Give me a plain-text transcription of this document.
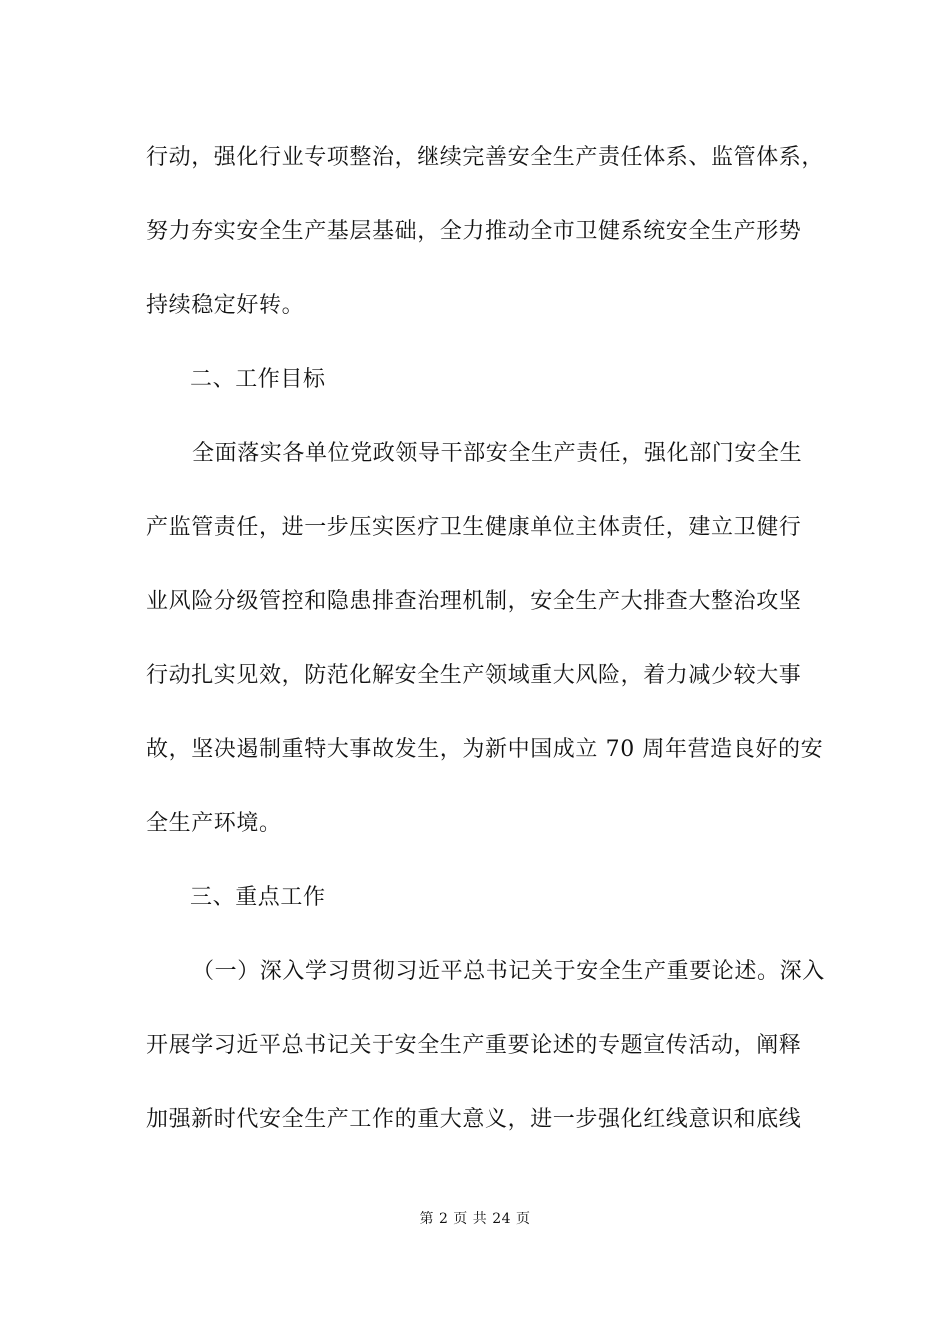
行动，强化行业专项整治，继续完善安全生产责任体系、监管体系，
努力夯实安全生产基层基础，全力推动全市卫健系统安全生产形势
持续稳定好转。
二、工作目标
全面落实各单位党政领导干部安全生产责任，强化部门安全生
产监管责任，进一步压实医疗卫生健康单位主体责任，建立卫健行
业风险分级管控和隐患排查治理机制，安全生产大排查大整治攻坚
行动扎实见效，防范化解安全生产领域重大风险，着力减少较大事
故，坚决遏制重特大事故发生，为新中国成立 70 周年营造良好的安
全生产环境。
三、重点工作
（一）深入学习贯彻习近平总书记关于安全生产重要论述。深入
开展学习近平总书记关于安全生产重要论述的专题宣传活动，阐释
加强新时代安全生产工作的重大意义，进一步强化红线意识和底线
第 2 页 共 24 页
